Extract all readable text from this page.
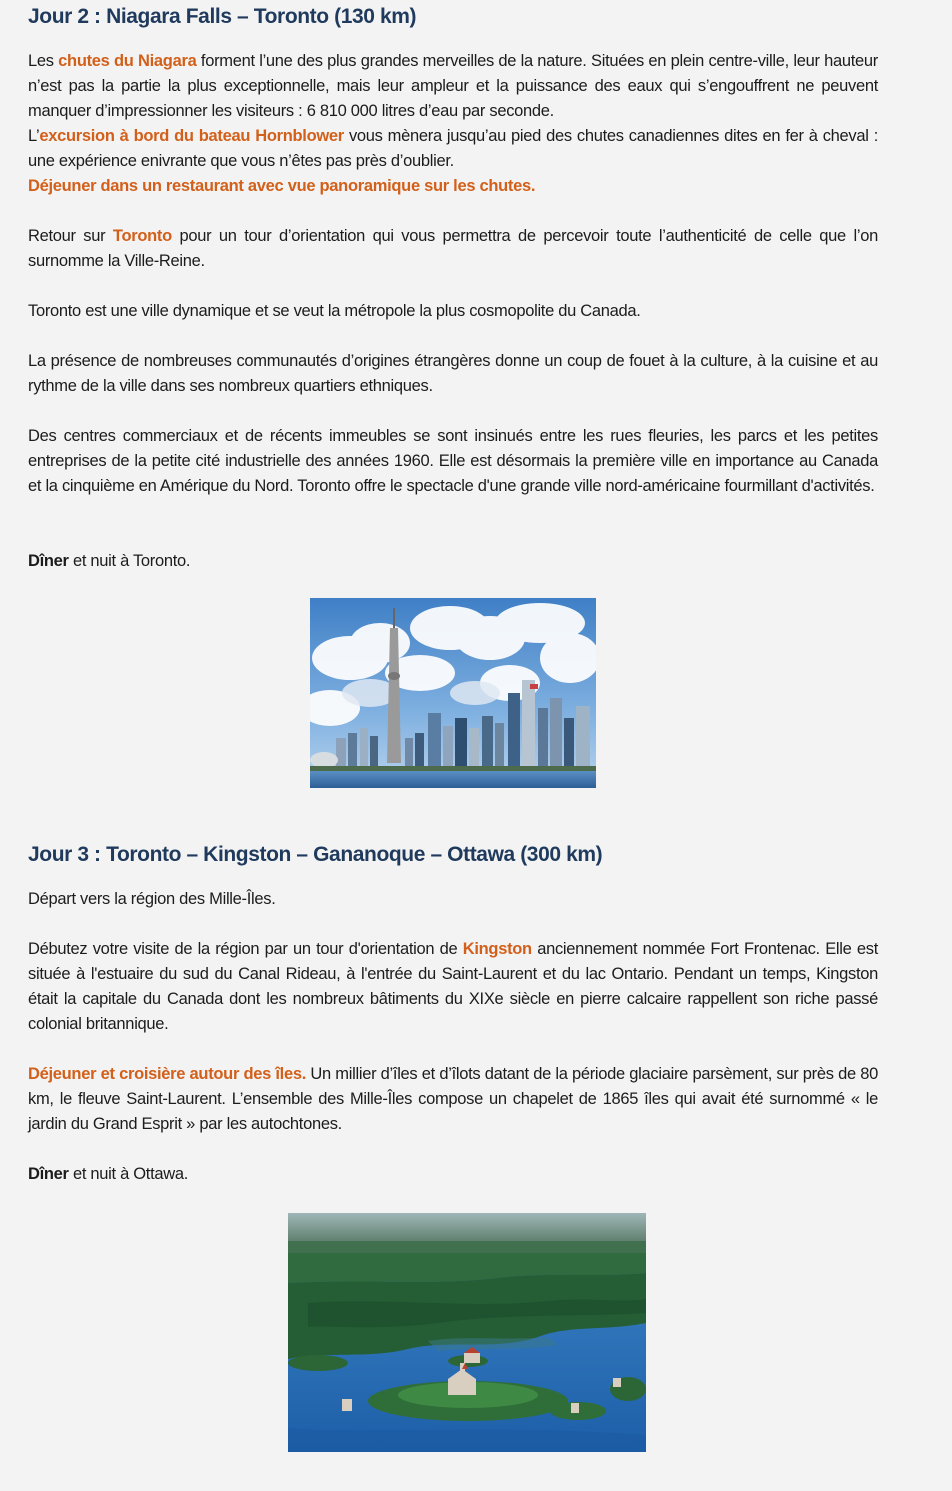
Jour 2 : Niagara Falls – Toronto (130 km)

Les chutes du Niagara forment l’une des plus grandes merveilles de la nature. Situées en plein centre-ville, leur hauteur n’est pas la partie la plus exceptionnelle, mais leur ampleur et la puissance des eaux qui s’engouffrent ne peuvent manquer d’impressionner les visiteurs : 6 810 000 litres d’eau par seconde.
L’excursion à bord du bateau Hornblower vous mènera jusqu’au pied des chutes canadiennes dites en fer à cheval : une expérience enivrante que vous n’êtes pas près d’oublier.
Déjeuner dans un restaurant avec vue panoramique sur les chutes.

Retour sur Toronto pour un tour d’orientation qui vous permettra de percevoir toute l’authenticité de celle que l’on surnomme la Ville-Reine.

Toronto est une ville dynamique et se veut la métropole la plus cosmopolite du Canada.

La présence de nombreuses communautés d’origines étrangères donne un coup de fouet à la culture, à la cuisine et au rythme de la ville dans ses nombreux quartiers ethniques.

Des centres commerciaux et de récents immeubles se sont insinués entre les rues fleuries, les parcs et les petites entreprises de la petite cité industrielle des années 1960. Elle est désormais la première ville en importance au Canada et la cinquième en Amérique du Nord. Toronto offre le spectacle d'une grande ville nord-américaine fourmillant d'activités.

Dîner et nuit à Toronto.

Jour 3 : Toronto – Kingston – Gananoque – Ottawa (300 km)

Départ vers la région des Mille-Îles.

Débutez votre visite de la région par un tour d'orientation de Kingston anciennement nommée Fort Frontenac. Elle est située à l'estuaire du sud du Canal Rideau, à l'entrée du Saint-Laurent et du lac Ontario. Pendant un temps, Kingston était la capitale du Canada dont les nombreux bâtiments du XIXe siècle en pierre calcaire rappellent son riche passé colonial britannique.

Déjeuner et croisière autour des îles. Un millier d’îles et d’îlots datant de la période glaciaire parsèment, sur près de 80 km, le fleuve Saint-Laurent. L’ensemble des Mille-Îles compose un chapelet de 1865 îles qui avait été surnommé « le jardin du Grand Esprit » par les autochtones.

Dîner et nuit à Ottawa.
